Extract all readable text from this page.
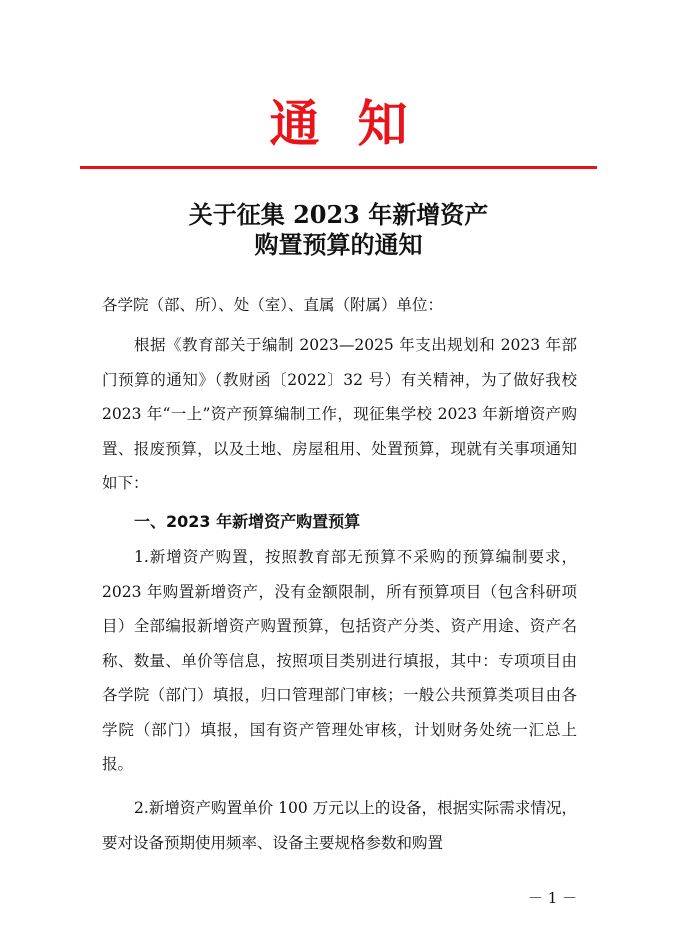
通知
关于征集 2023 年新增资产
购置预算的通知
各学院（部、所）、处（室）、直属（附属）单位：
根据《教育部关于编制 2023—2025 年支出规划和 2023 年部门预算的通知》（教财函〔2022〕32 号）有关精神，为了做好我校 2023 年“一上”资产预算编制工作，现征集学校 2023 年新增资产购置、报废预算，以及土地、房屋租用、处置预算，现就有关事项通知如下：
一、2023 年新增资产购置预算
1.新增资产购置，按照教育部无预算不采购的预算编制要求，2023 年购置新增资产，没有金额限制，所有预算项目（包含科研项目）全部编报新增资产购置预算，包括资产分类、资产用途、资产名称、数量、单价等信息，按照项目类别进行填报，其中：专项项目由各学院（部门）填报，归口管理部门审核；一般公共预算类项目由各学院（部门）填报，国有资产管理处审核，计划财务处统一汇总上报。
2.新增资产购置单价 100 万元以上的设备，根据实际需求情况，要对设备预期使用频率、设备主要规格参数和购置
－ 1 －
